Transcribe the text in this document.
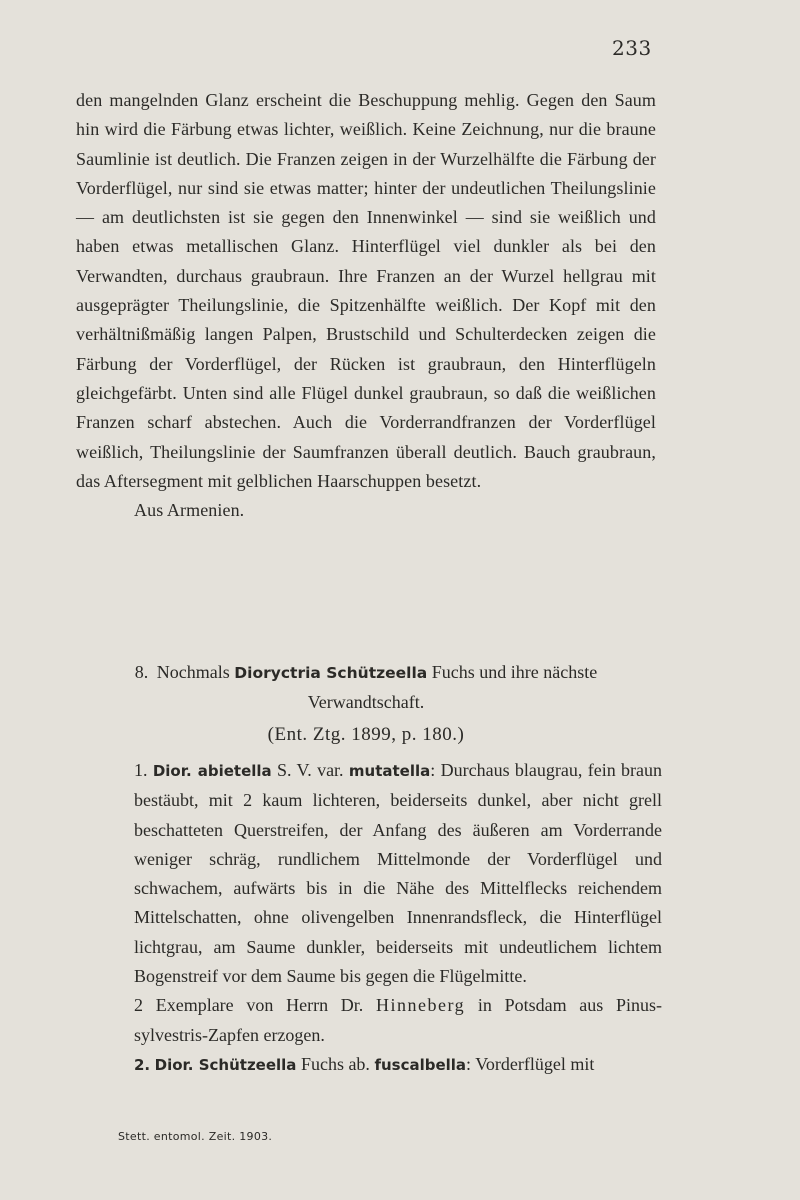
233

den mangelnden Glanz erscheint die Beschuppung mehlig. Gegen den Saum hin wird die Färbung etwas lichter, weißlich. Keine Zeichnung, nur die braune Saumlinie ist deutlich. Die Franzen zeigen in der Wurzelhälfte die Färbung der Vorderflügel, nur sind sie etwas matter; hinter der undeutlichen Theilungslinie — am deutlichsten ist sie gegen den Innenwinkel — sind sie weißlich und haben etwas metallischen Glanz. Hinterflügel viel dunkler als bei den Verwandten, durchaus graubraun. Ihre Franzen an der Wurzel hellgrau mit ausgeprägter Theilungslinie, die Spitzenhälfte weißlich. Der Kopf mit den verhältnißmäßig langen Palpen, Brustschild und Schulterdecken zeigen die Färbung der Vorderflügel, der Rücken ist graubraun, den Hinterflügeln gleichgefärbt. Unten sind alle Flügel dunkel graubraun, so daß die weißlichen Franzen scharf abstechen. Auch die Vorderrandfranzen der Vorderflügel weißlich, Theilungslinie der Saumfranzen überall deutlich. Bauch graubraun, das Aftersegment mit gelblichen Haarschuppen besetzt.

Aus Armenien.

8. Nochmals Dioryctria Schützeella Fuchs und ihre nächste Verwandtschaft.
(Ent. Ztg. 1899, p. 180.)

1. Dior. abietella S. V. var. mutatella: Durchaus blaugrau, fein braun bestäubt, mit 2 kaum lichteren, beiderseits dunkel, aber nicht grell beschatteten Querstreifen, der Anfang des äußeren am Vorderrande weniger schräg, rundlichem Mittelmonde der Vorderflügel und schwachem, aufwärts bis in die Nähe des Mittelflecks reichendem Mittelschatten, ohne olivengelben Innenrandsfleck, die Hinterflügel lichtgrau, am Saume dunkler, beiderseits mit undeutlichem lichtem Bogenstreif vor dem Saume bis gegen die Flügelmitte.

2 Exemplare von Herrn Dr. Hinneberg in Potsdam aus Pinus-sylvestris-Zapfen erzogen.

2. Dior. Schützeella Fuchs ab. fuscalbella: Vorderflügel mit

Stett. entomol. Zeit. 1903.
